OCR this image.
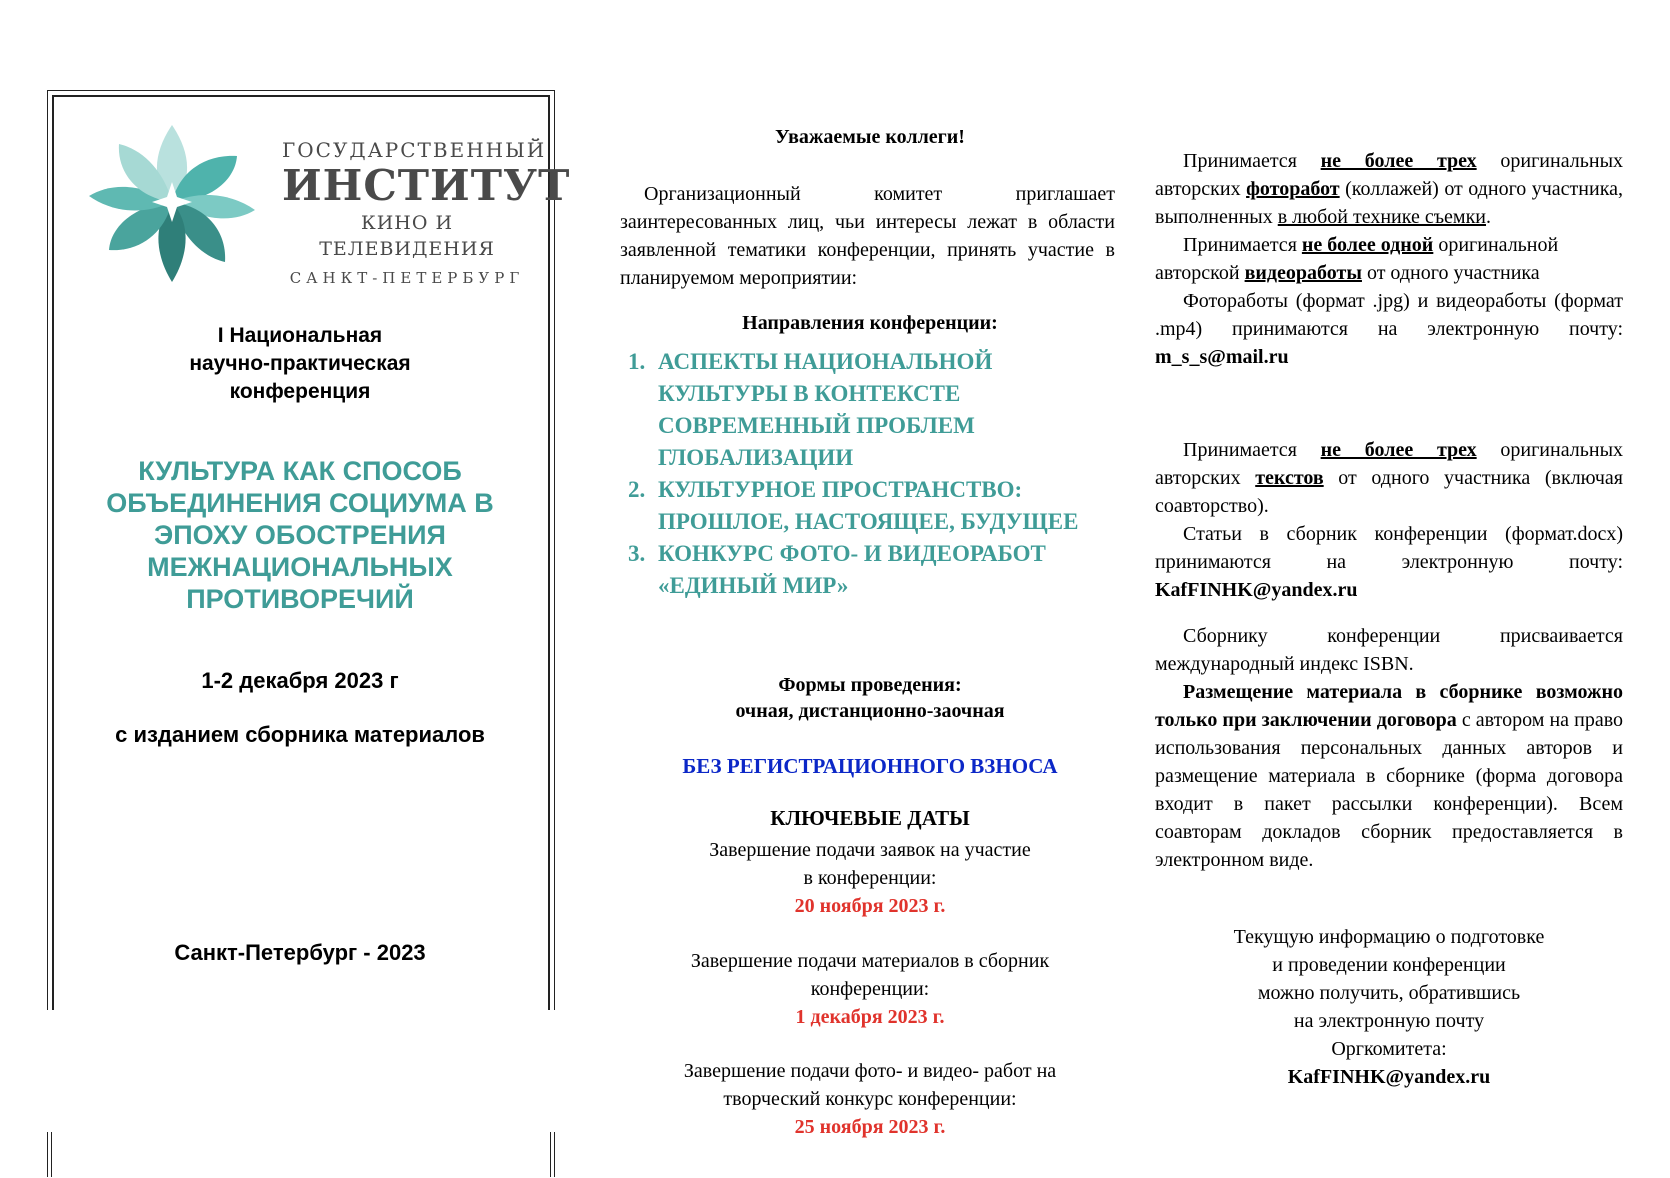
ГОСУДАРСТВЕННЫЙ
ИНСТИТУТ
КИНО И ТЕЛЕВИДЕНИЯ
САНКТ-ПЕТЕРБУРГ
I Национальная
научно-практическая
конференция
КУЛЬТУРА КАК СПОСОБ
ОБЪЕДИНЕНИЯ СОЦИУМА В
ЭПОХУ ОБОСТРЕНИЯ
МЕЖНАЦИОНАЛЬНЫХ
ПРОТИВОРЕЧИЙ
1-2 декабря 2023 г
с изданием сборника материалов
Санкт-Петербург - 2023
Уважаемые коллеги!
Организационный комитет приглашает заинтересованных лиц, чьи интересы лежат в области заявленной тематики конференции, принять участие в планируемом мероприятии:
Направления конференции:
1. АСПЕКТЫ НАЦИОНАЛЬНОЙ КУЛЬТУРЫ В КОНТЕКСТЕ СОВРЕМЕННЫЙ ПРОБЛЕМ ГЛОБАЛИЗАЦИИ
2. КУЛЬТУРНОЕ ПРОСТРАНСТВО: ПРОШЛОЕ, НАСТОЯЩЕЕ, БУДУЩЕЕ
3. КОНКУРС ФОТО- И ВИДЕОРАБОТ «ЕДИНЫЙ МИР»
Формы проведения:
очная, дистанционно-заочная
БЕЗ РЕГИСТРАЦИОННОГО ВЗНОСА
КЛЮЧЕВЫЕ ДАТЫ
Завершение подачи заявок на участие
в конференции:
20 ноября 2023 г.
Завершение подачи материалов в сборник
конференции:
1 декабря 2023 г.
Завершение подачи фото- и видео- работ на
творческий конкурс конференции:
25 ноября 2023 г.

Принимается не более трех оригинальных авторских фоторабот (коллажей) от одного участника, выполненных в любой технике съемки.

Принимается не более одной оригинальной авторской видеоработы от одного участника

Фотоработы (формат .jpg) и видеоработы (формат .mp4) принимаются на электронную почту: m_s_s@mail.ru

Принимается не более трех оригинальных авторских текстов от одного участника (включая соавторство).

Статьи в сборник конференции (формат.docx) принимаются на электронную почту: KafFINHK@yandex.ru

Сборнику конференции присваивается международный индекс ISBN.

Размещение материала в сборнике возможно только при заключении договора с автором на право использования персональных данных авторов и размещение материала в сборнике (форма договора входит в пакет рассылки конференции). Всем соавторам докладов сборник предоставляется в электронном виде.

Текущую информацию о подготовке

и проведении конференции

можно получить, обратившись

на электронную почту

Оргкомитета:

KafFINHK@yandex.ru
